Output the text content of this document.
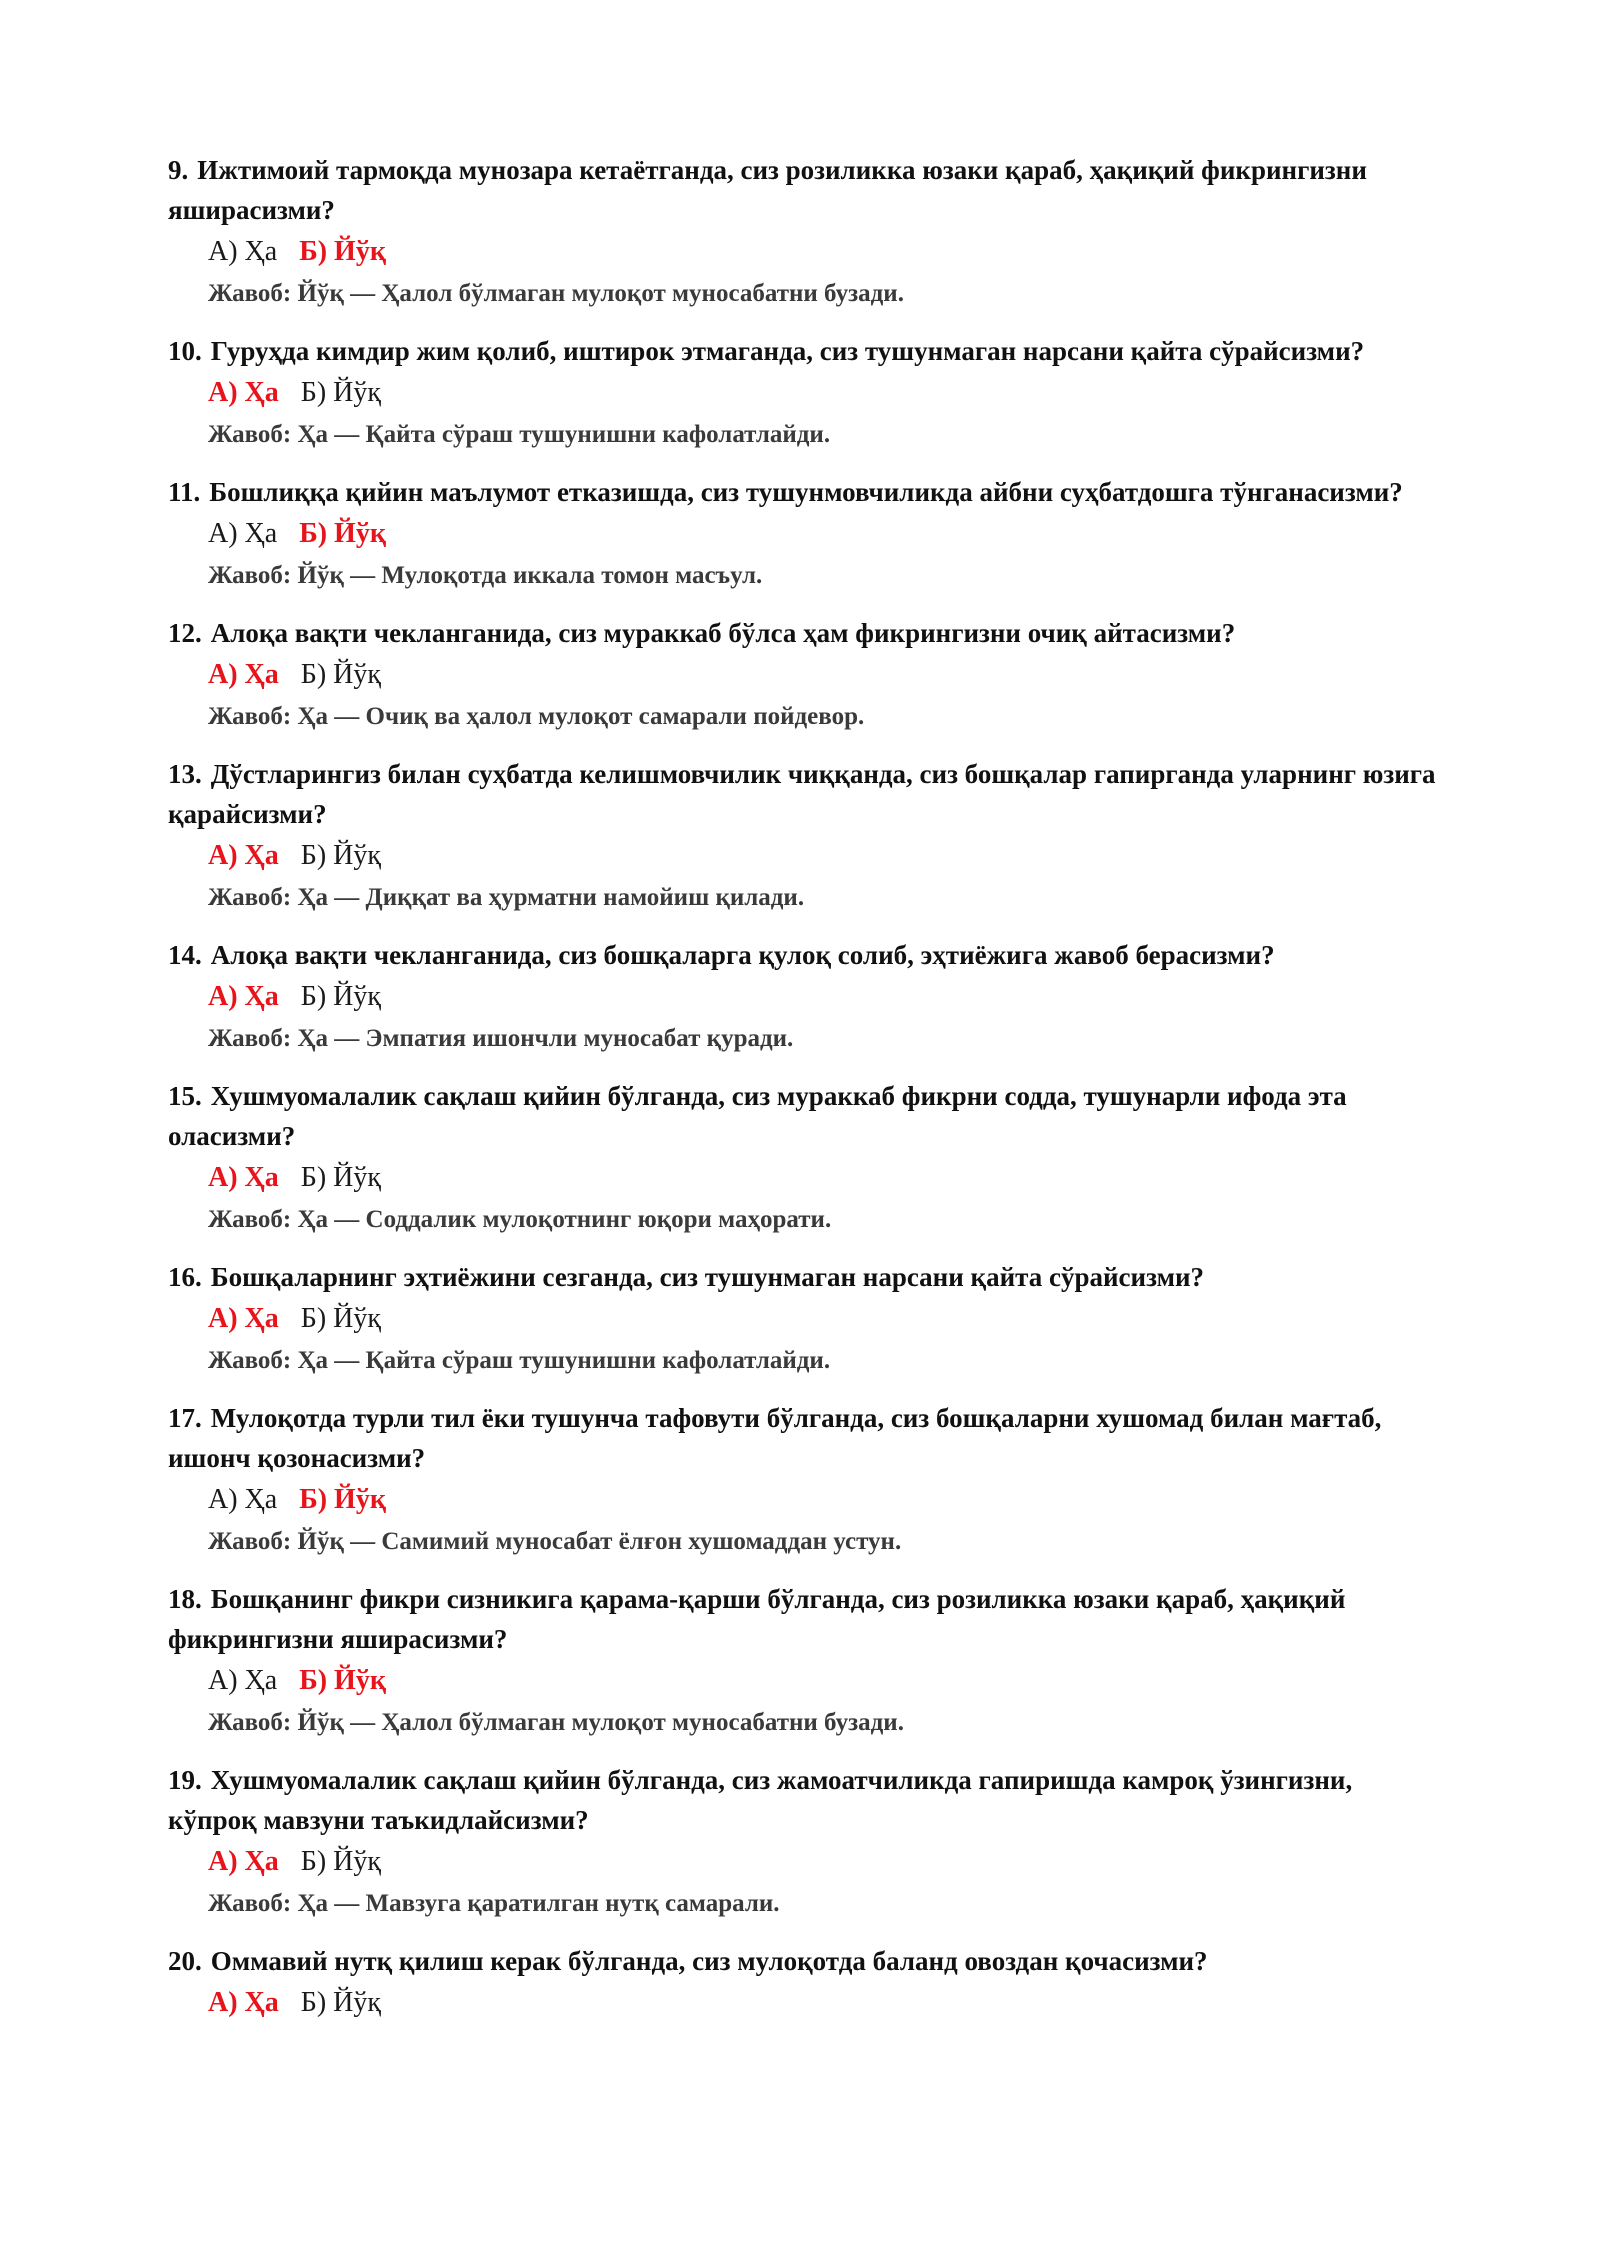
9. Ижтимоий тармоқда мунозара кетаётганда, сиз розиликка юзаки қараб, ҳақиқий фикрингизни яширасизми?
А) Ҳа Б) Йўқ
Жавоб: Йўқ — Ҳалол бўлмаган мулоқот муносабатни бузади.
10. Гуруҳда кимдир жим қолиб, иштирок этмаганда, сиз тушунмаган нарсани қайта сўрайсизми?
А) Ҳа Б) Йўқ
Жавоб: Ҳа — Қайта сўраш тушунишни кафолатлайди.
11. Бошлиққа қийин маълумот етказишда, сиз тушунмовчиликда айбни суҳбатдошга тўнганасизми?
А) Ҳа Б) Йўқ
Жавоб: Йўқ — Мулоқотда иккала томон масъул.
12. Алоқа вақти чекланганида, сиз мураккаб бўлса ҳам фикрингизни очиқ айтасизми?
А) Ҳа Б) Йўқ
Жавоб: Ҳа — Очиқ ва ҳалол мулоқот самарали пойдевор.
13. Дўстларингиз билан суҳбатда келишмовчилик чиққанда, сиз бошқалар гапирганда уларнинг юзига қарайсизми?
А) Ҳа Б) Йўқ
Жавоб: Ҳа — Диққат ва ҳурматни намойиш қилади.
14. Алоқа вақти чекланганида, сиз бошқаларга қулоқ солиб, эҳтиёжига жавоб берасизми?
А) Ҳа Б) Йўқ
Жавоб: Ҳа — Эмпатия ишончли муносабат қуради.
15. Хушмуомалалик сақлаш қийин бўлганда, сиз мураккаб фикрни содда, тушунарли ифода эта оласизми?
А) Ҳа Б) Йўқ
Жавоб: Ҳа — Соддалик мулоқотнинг юқори маҳорати.
16. Бошқаларнинг эҳтиёжини сезганда, сиз тушунмаган нарсани қайта сўрайсизми?
А) Ҳа Б) Йўқ
Жавоб: Ҳа — Қайта сўраш тушунишни кафолатлайди.
17. Мулоқотда турли тил ёки тушунча тафовути бўлганда, сиз бошқаларни хушомад билан мағтаб, ишонч қозонасизми?
А) Ҳа Б) Йўқ
Жавоб: Йўқ — Самимий муносабат ёлғон хушомаддан устун.
18. Бошқанинг фикри сизникига қарама-қарши бўлганда, сиз розиликка юзаки қараб, ҳақиқий фикрингизни яширасизми?
А) Ҳа Б) Йўқ
Жавоб: Йўқ — Ҳалол бўлмаган мулоқот муносабатни бузади.
19. Хушмуомалалик сақлаш қийин бўлганда, сиз жамоатчиликда гапиришда камроқ ўзингизни, кўпроқ мавзуни таъкидлайсизми?
А) Ҳа Б) Йўқ
Жавоб: Ҳа — Мавзуга қаратилган нутқ самарали.
20. Оммавий нутқ қилиш керак бўлганда, сиз мулоқотда баланд овоздан қочасизми?
А) Ҳа Б) Йўқ
